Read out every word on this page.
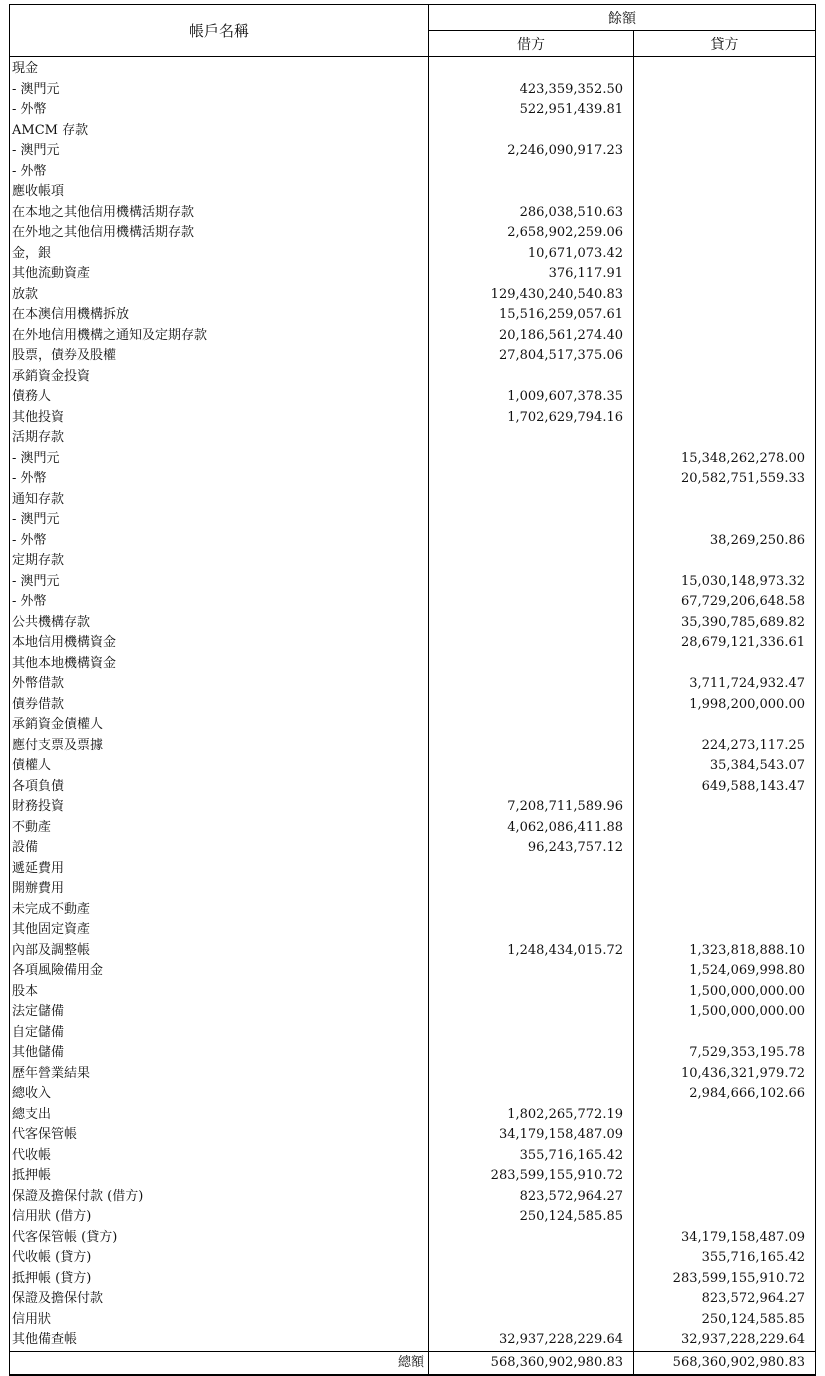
帳戶名稱	餘額	
	借方	貸方
現金		
- 澳門元	423,359,352.50	
- 外幣	522,951,439.81	
AMCM 存款		
- 澳門元	2,246,090,917.23	
- 外幣		
應收帳項		
在本地之其他信用機構活期存款	286,038,510.63	
在外地之其他信用機構活期存款	2,658,902,259.06	
金，銀	10,671,073.42	
其他流動資產	376,117.91	
放款	129,430,240,540.83	
在本澳信用機構拆放	15,516,259,057.61	
在外地信用機構之通知及定期存款	20,186,561,274.40	
股票，債券及股權	27,804,517,375.06	
承銷資金投資		
債務人	1,009,607,378.35	
其他投資	1,702,629,794.16	
活期存款		
- 澳門元		15,348,262,278.00
- 外幣		20,582,751,559.33
通知存款		
- 澳門元		
- 外幣		38,269,250.86
定期存款		
- 澳門元		15,030,148,973.32
- 外幣		67,729,206,648.58
公共機構存款		35,390,785,689.82
本地信用機構資金		28,679,121,336.61
其他本地機構資金		
外幣借款		3,711,724,932.47
債券借款		1,998,200,000.00
承銷資金債權人		
應付支票及票據		224,273,117.25
債權人		35,384,543.07
各項負債		649,588,143.47
財務投資	7,208,711,589.96	
不動產	4,062,086,411.88	
設備	96,243,757.12	
遞延費用		
開辦費用		
未完成不動產		
其他固定資產		
內部及調整帳	1,248,434,015.72	1,323,818,888.10
各項風險備用金		1,524,069,998.80
股本		1,500,000,000.00
法定儲備		1,500,000,000.00
自定儲備		
其他儲備		7,529,353,195.78
歷年營業結果		10,436,321,979.72
總收入		2,984,666,102.66
總支出	1,802,265,772.19	
代客保管帳	34,179,158,487.09	
代收帳	355,716,165.42	
抵押帳	283,599,155,910.72	
保證及擔保付款 (借方)	823,572,964.27	
信用狀 (借方)	250,124,585.85	
代客保管帳 (貸方)		34,179,158,487.09
代收帳 (貸方)		355,716,165.42
抵押帳 (貸方)		283,599,155,910.72
保證及擔保付款		823,572,964.27
信用狀		250,124,585.85
其他備查帳	32,937,228,229.64	32,937,228,229.64
總額	568,360,902,980.83	568,360,902,980.83
